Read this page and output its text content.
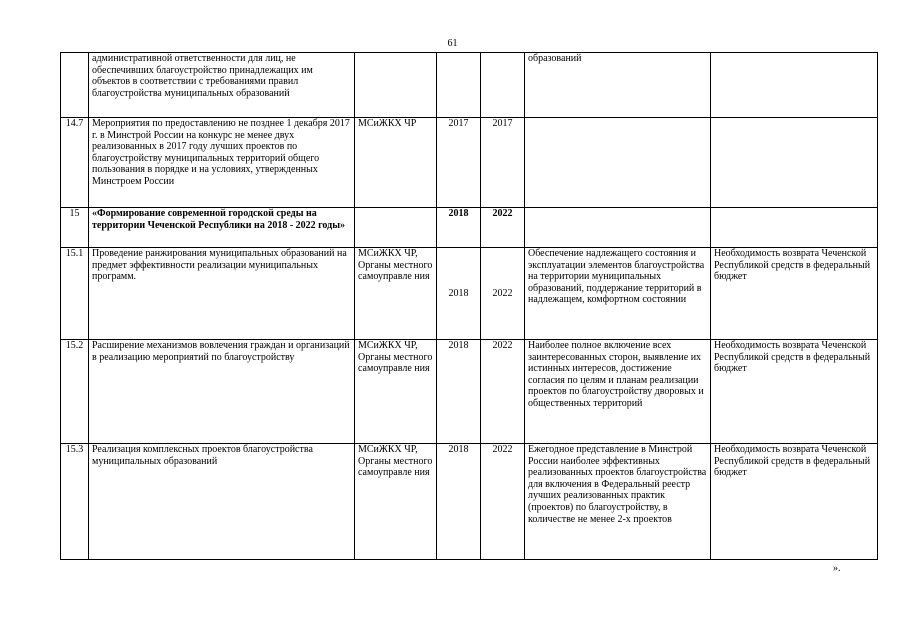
61
	административной ответственности для лиц, не обеспечивших благоустройство принадлежащих им объектов в соответствии с требованиями правил благоустройства муниципальных образований				образований	
14.7	Мероприятия по предоставлению не позднее 1 декабря 2017 г. в Минстрой России на конкурс не менее двух реализованных в 2017 году лучших проектов по благоустройству муниципальных территорий общего пользования в порядке и на условиях, утвержденных Минстроем России	МСиЖКХ ЧР	2017	2017		
15	«Формирование современной городской среды на территории Чеченской Республики на 2018 - 2022 годы»		2018	2022		
15.1	Проведение ранжирования муниципальных образований на предмет эффективности реализации муниципальных программ.	МСиЖКХ ЧР, Органы местного самоуправле ния	2018	2022	Обеспечение надлежащего состояния и эксплуатации элементов благоустройства на территории муниципальных образований, поддержание территорий в надлежащем, комфортном состоянии	Необходимость возврата Чеченской Республикой средств в федеральный бюджет
15.2	Расширение механизмов вовлечения граждан и организаций в реализацию мероприятий по благоустройству	МСиЖКХ ЧР, Органы местного самоуправле ния	2018	2022	Наиболее полное включение всех заинтересованных сторон, выявление их истинных интересов, достижение согласия по целям и планам реализации проектов по благоустройству дворовых и общественных территорий	Необходимость возврата Чеченской Республикой средств в федеральный бюджет
15.3	Реализация комплексных проектов благоустройства муниципальных образований	МСиЖКХ ЧР, Органы местного самоуправле ния	2018	2022	Ежегодное представление в Минстрой России наиболее эффективных реализованных проектов благоустройства для включения в Федеральный реестр лучших реализованных практик (проектов) по благоустройству, в количестве не менее 2-х проектов	Необходимость возврата Чеченской Республикой средств в федеральный бюджет
».
